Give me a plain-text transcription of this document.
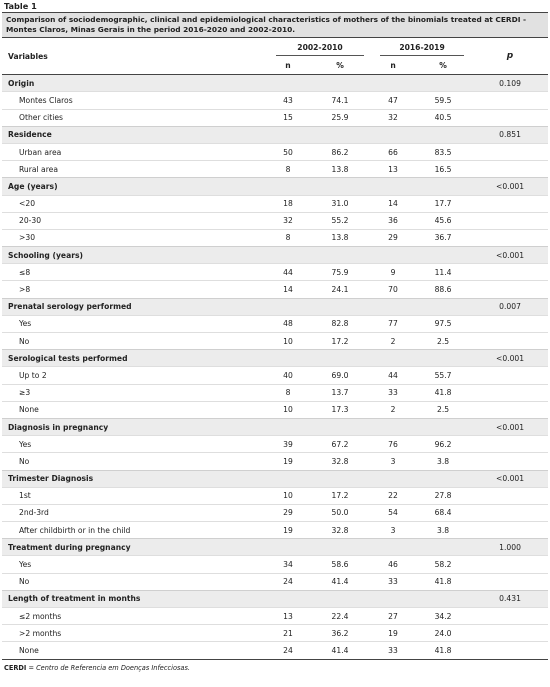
Table 1
Comparison of sociodemographic, clinical and epidemiological characteristics of mothers of the binomials treated at CERDI - Montes Claros, Minas Gerais in the period 2016-2020 and 2002-2010.
Variables	2002-2010		2016-2019		p
	n	%	n	%	
Origin					0.109
Montes Claros	43	74.1	47	59.5	
Other cities	15	25.9	32	40.5	
Residence					0.851
Urban area	50	86.2	66	83.5	
Rural area	8	13.8	13	16.5	
Age (years)					<0.001
<20	18	31.0	14	17.7	
20-30	32	55.2	36	45.6	
>30	8	13.8	29	36.7	
Schooling (years)					<0.001
≤8	44	75.9	9	11.4	
>8	14	24.1	70	88.6	
Prenatal serology performed					0.007
Yes	48	82.8	77	97.5	
No	10	17.2	2	2.5	
Serological tests performed					<0.001
Up to 2	40	69.0	44	55.7	
≥3	8	13.7	33	41.8	
None	10	17.3	2	2.5	
Diagnosis in pregnancy					<0.001
Yes	39	67.2	76	96.2	
No	19	32.8	3	3.8	
Trimester Diagnosis					<0.001
1st	10	17.2	22	27.8	
2nd-3rd	29	50.0	54	68.4	
After childbirth or in the child	19	32.8	3	3.8	
Treatment during pregnancy					1.000
Yes	34	58.6	46	58.2	
No	24	41.4	33	41.8	
Length of treatment in months					0.431
≤2 months	13	22.4	27	34.2	
>2 months	21	36.2	19	24.0	
None	24	41.4	33	41.8	
CERDI = Centro de Referencia em Doenças Infecciosas.
